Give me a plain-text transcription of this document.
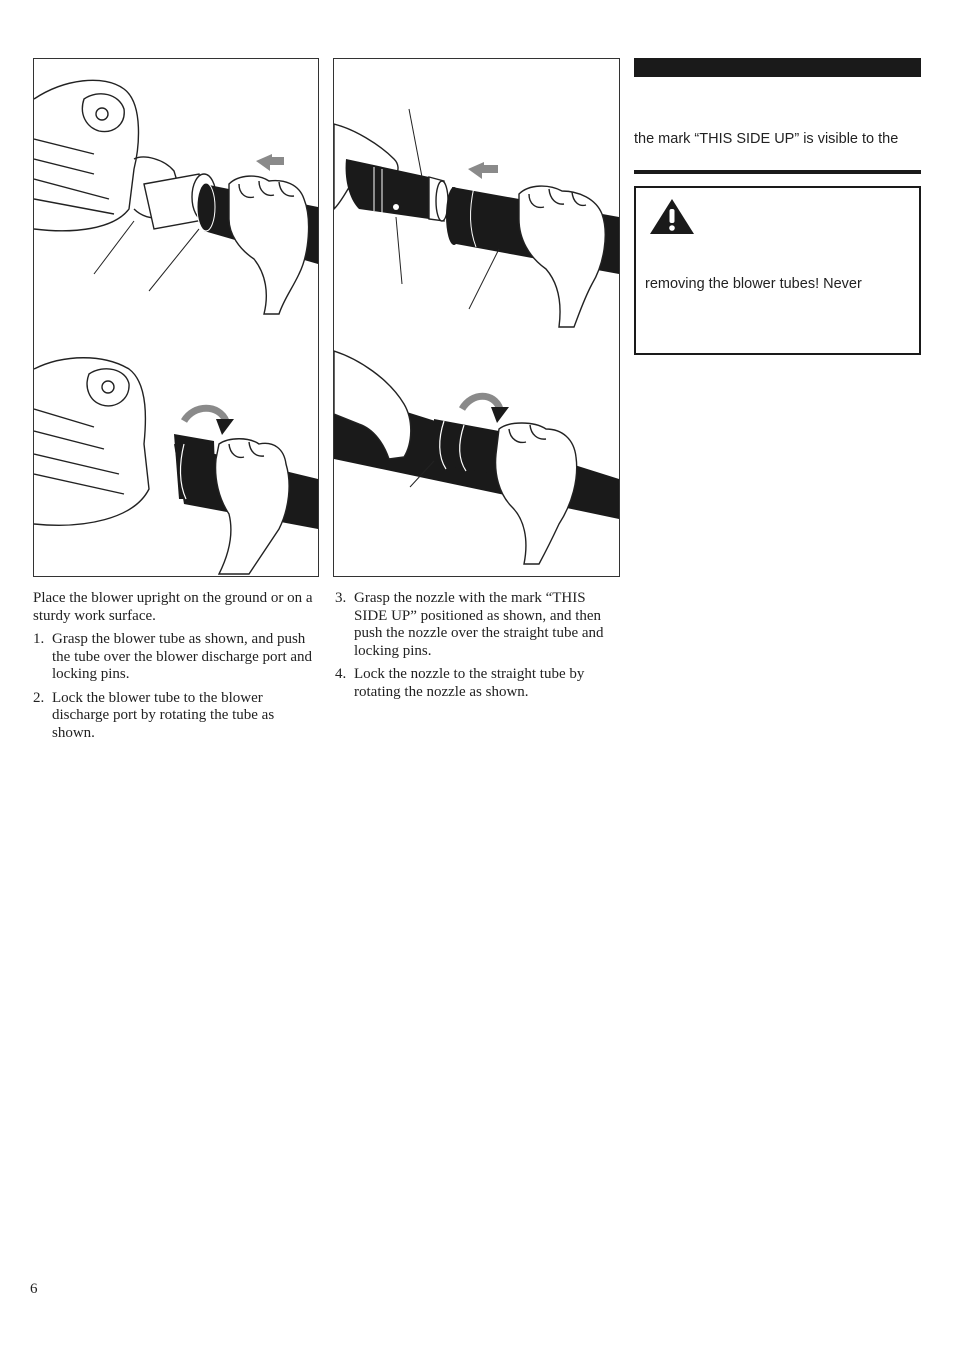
Place the blower upright on the ground or on a sturdy work surface.

1. Grasp the blower tube as shown, and push the tube over the blower discharge port and locking pins.
2. Lock the blower tube to the blower discharge port by rotating the tube as shown.
3. Grasp the nozzle with the mark “THIS SIDE UP” positioned as shown, and then push the nozzle over the straight tube and locking pins.
4. Lock the nozzle to the straight tube by rotating the nozzle as shown.
the mark “THIS SIDE UP” is visible to the
removing the blower tubes! Never
6
